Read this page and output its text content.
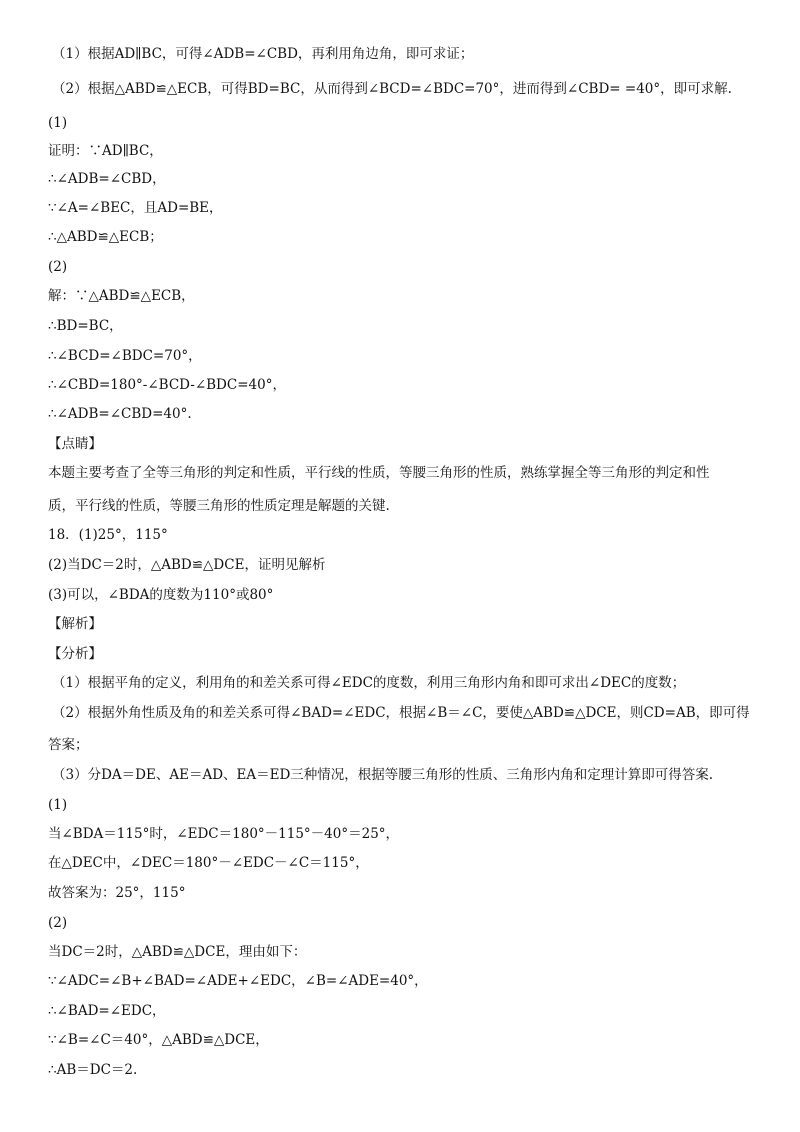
（1）根据AD∥BC，可得∠ADB=∠CBD，再利用角边角，即可求证；
（2）根据△ABD≌△ECB，可得BD=BC，从而得到∠BCD=∠BDC=70°，进而得到∠CBD= =40°，即可求解.
(1)
证明：∵AD∥BC，
∴∠ADB=∠CBD，
∵∠A=∠BEC，且AD=BE，
∴△ABD≌△ECB；
(2)
解：∵△ABD≌△ECB，
∴BD=BC，
∴∠BCD=∠BDC=70°，
∴∠CBD=180°-∠BCD-∠BDC=40°，
∴∠ADB=∠CBD=40°.
【点睛】
本题主要考查了全等三角形的判定和性质，平行线的性质，等腰三角形的性质，熟练掌握全等三角形的判定和性
质，平行线的性质，等腰三角形的性质定理是解题的关键.
18．(1)25°，115°
(2)当DC＝2时，△ABD≌△DCE，证明见解析
(3)可以，∠BDA的度数为110°或80°
【解析】
【分析】
（1）根据平角的定义，利用角的和差关系可得∠EDC的度数，利用三角形内角和即可求出∠DEC的度数；
（2）根据外角性质及角的和差关系可得∠BAD=∠EDC，根据∠B＝∠C，要使△ABD≌△DCE，则CD=AB，即可得
答案；
（3）分DA＝DE、AE＝AD、EA＝ED三种情况，根据等腰三角形的性质、三角形内角和定理计算即可得答案.
(1)
当∠BDA＝115°时，∠EDC＝180°－115°－40°＝25°，
在△DEC中，∠DEC＝180°－∠EDC－∠C＝115°，
故答案为：25°，115°
(2)
当DC＝2时，△ABD≌△DCE，理由如下：
∵∠ADC=∠B+∠BAD=∠ADE+∠EDC，∠B=∠ADE=40°，
∴∠BAD=∠EDC，
∵∠B=∠C＝40°，△ABD≌△DCE，
∴AB＝DC＝2.
